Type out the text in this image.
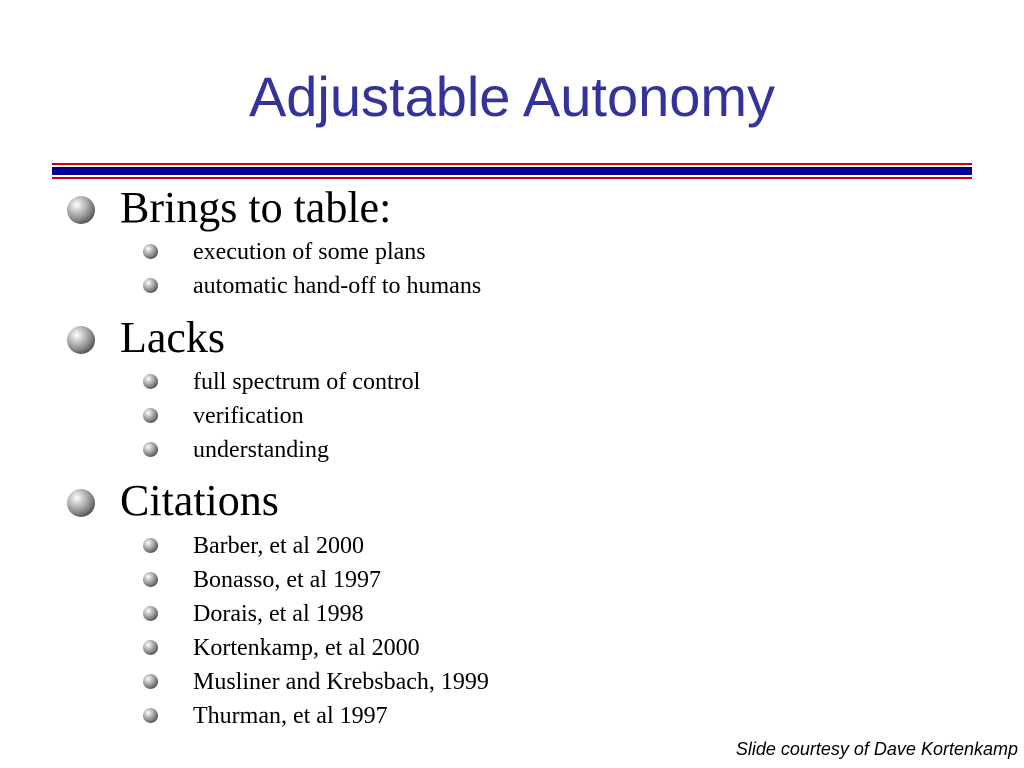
Adjustable Autonomy
Brings to table:
execution of some plans
automatic hand-off to humans
Lacks
full spectrum of control
verification
understanding
Citations
Barber, et al 2000
Bonasso, et al 1997
Dorais, et al 1998
Kortenkamp, et al 2000
Musliner and Krebsbach, 1999
Thurman, et al 1997
Slide courtesy of Dave Kortenkamp
